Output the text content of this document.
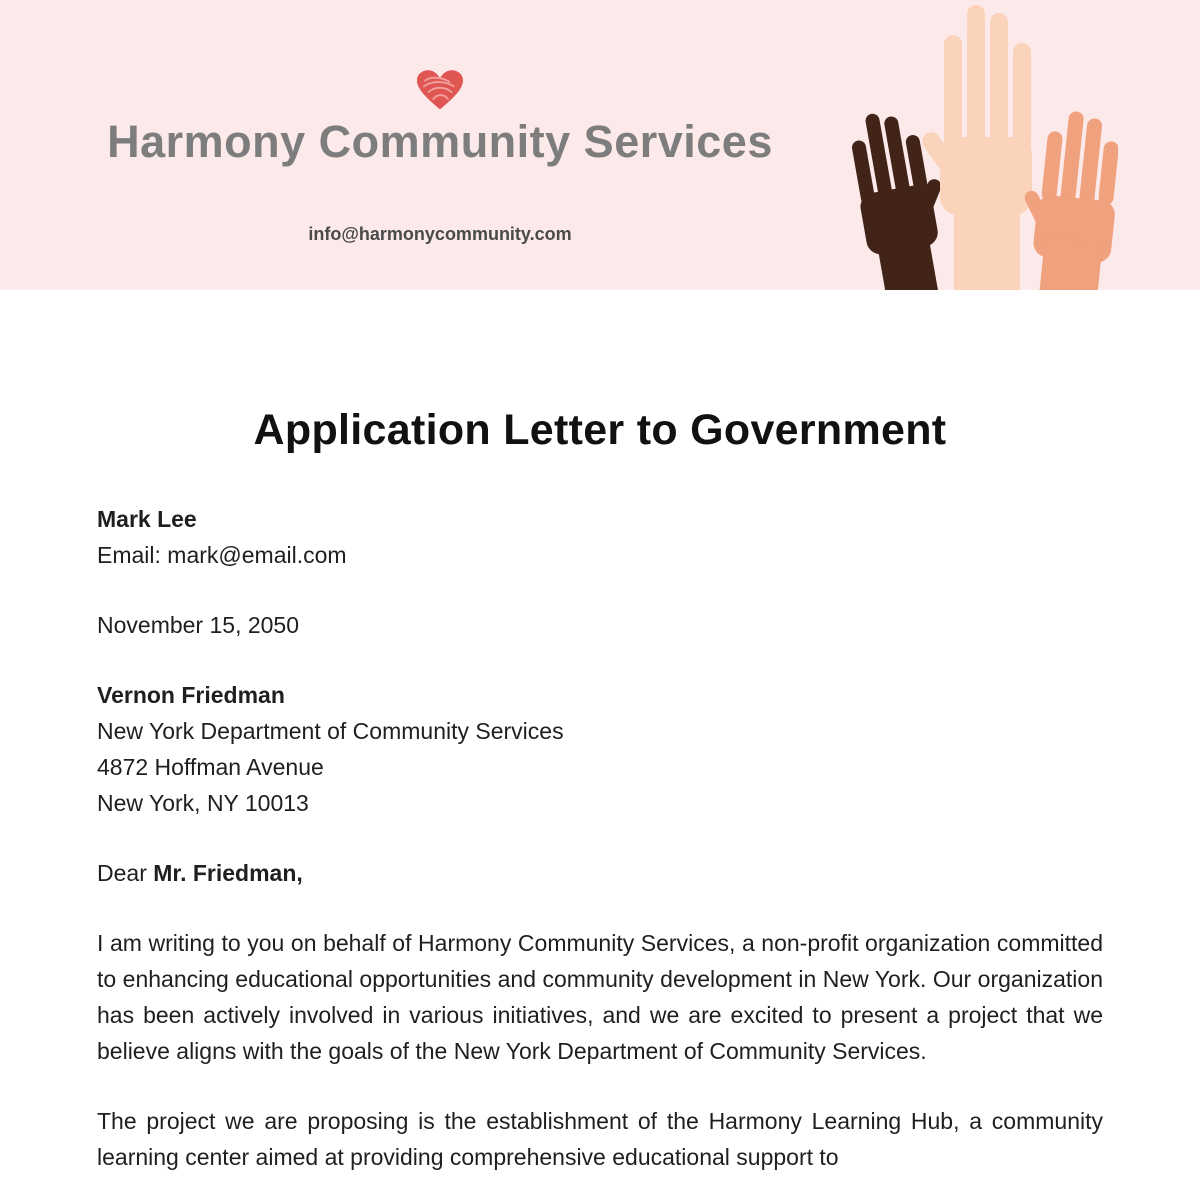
Harmony Community Services
info@harmonycommunity.com
Application Letter to Government

Mark Lee

Email: mark@email.com

November 15, 2050

Vernon Friedman

New York Department of Community Services

4872 Hoffman Avenue

New York, NY 10013

Dear Mr. Friedman,

I am writing to you on behalf of Harmony Community Services, a non-profit organization committed to enhancing educational opportunities and community development in New York. Our organization has been actively involved in various initiatives, and we are excited to present a project that we believe aligns with the goals of the New York Department of Community Services.

The project we are proposing is the establishment of the Harmony Learning Hub, a community learning center aimed at providing comprehensive educational support to
